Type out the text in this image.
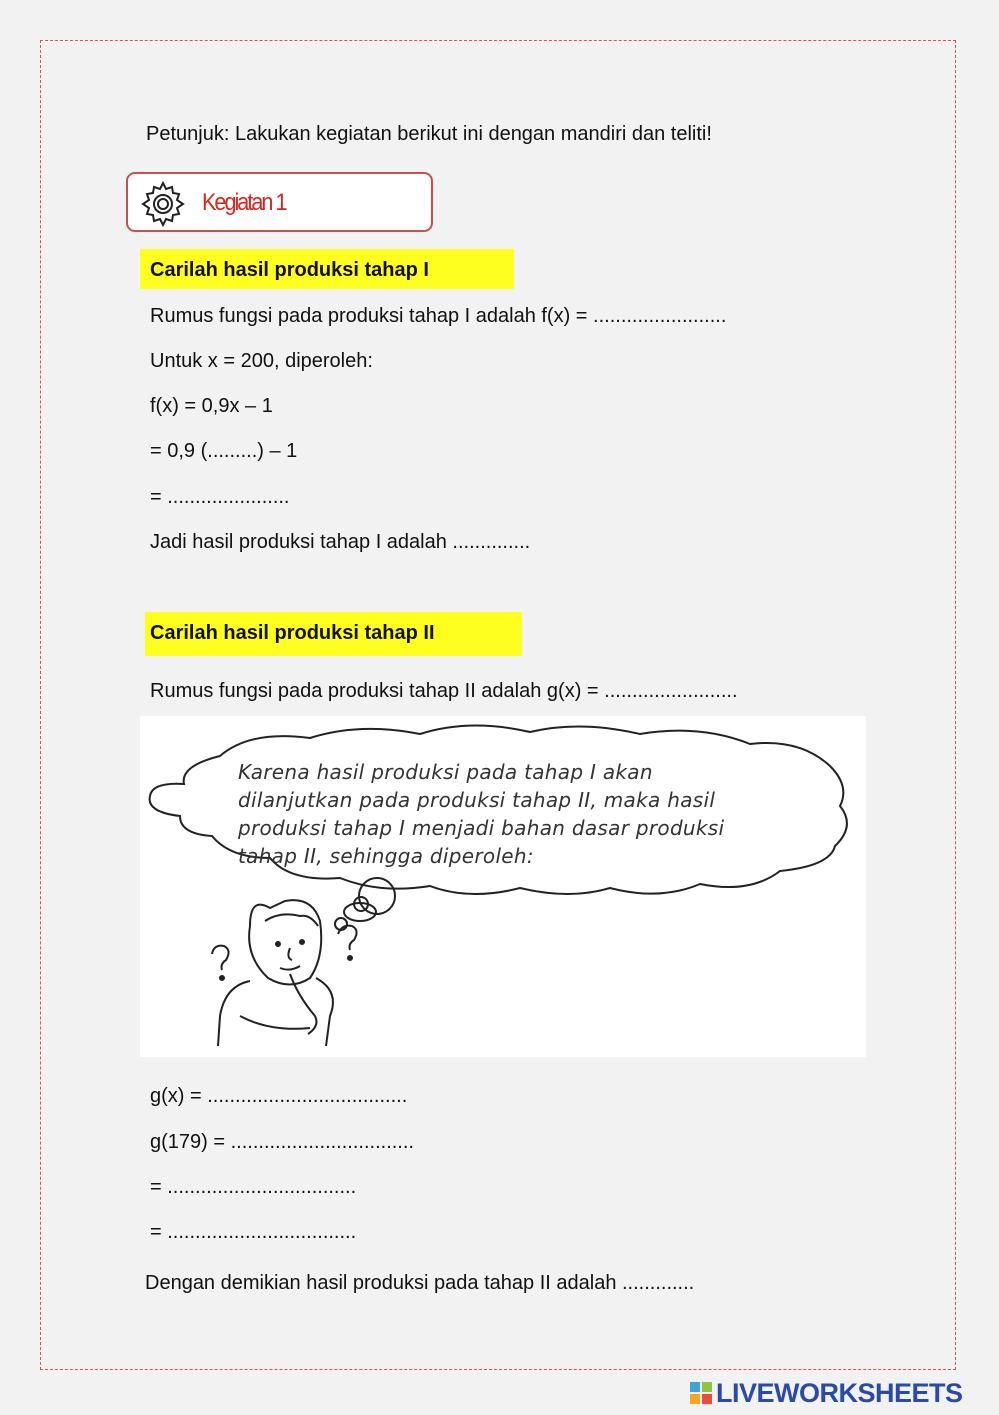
Petunjuk: Lakukan kegiatan berikut ini dengan mandiri dan teliti!
Kegiatan 1
Carilah hasil produksi tahap I
Rumus fungsi pada produksi tahap I adalah f(x) = ........................
Untuk x = 200, diperoleh:
f(x) = 0,9x – 1
= 0,9 (.........) – 1
= ......................
Jadi hasil produksi tahap I adalah ..............
Carilah hasil produksi tahap II
Rumus fungsi pada produksi tahap II adalah g(x) = ........................
Karena hasil produksi pada tahap I akan
dilanjutkan pada produksi tahap II, maka hasil
produksi tahap I menjadi bahan dasar produksi
tahap II, sehingga diperoleh:
g(x) = ....................................
g(179) = .................................
= ..................................
= ..................................
Dengan demikian hasil produksi pada tahap II adalah .............
LIVEWORKSHEETS
